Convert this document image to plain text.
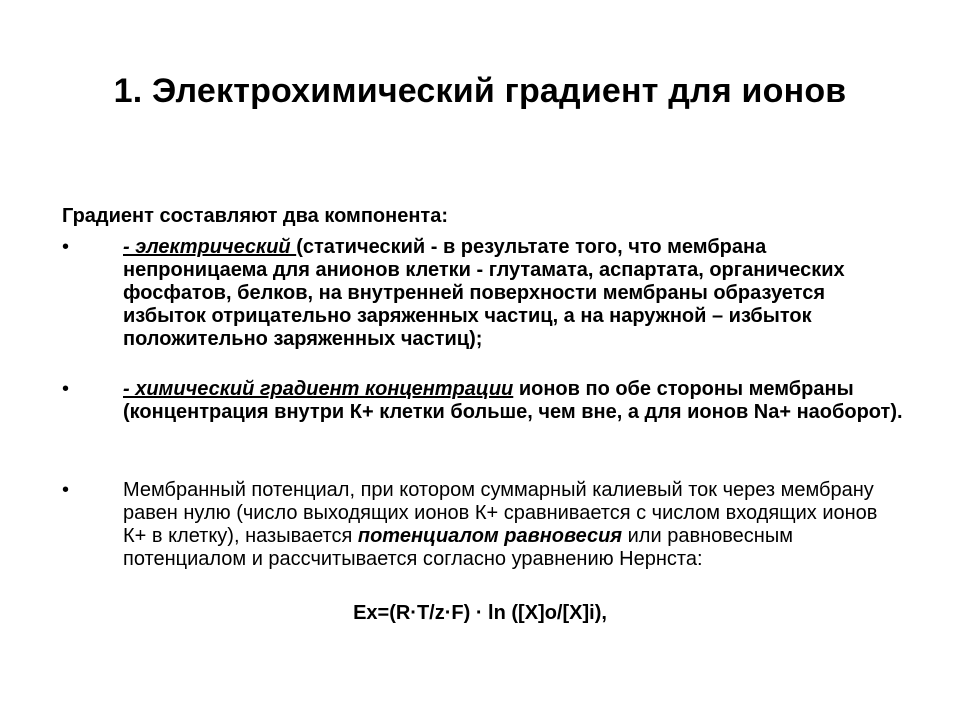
1. Электрохимический градиент для ионов
Градиент составляют два компонента:
•	- электрический (статический - в результате того, что мембрана непроницаема для анионов клетки - глутамата, аспартата, органических фосфатов, белков, на внутренней поверхности мембраны образуется избыток отрицательно заряженных частиц, а на наружной – избыток положительно заряженных частиц);
•	- химический градиент концентрации ионов по обе стороны мембраны (концентрация внутри К+ клетки больше, чем вне, а для ионов Na+ наоборот).
•	Мембранный потенциал, при котором суммарный калиевый ток через мембрану равен нулю (число выходящих ионов К+ сравнивается с числом входящих ионов К+ в клетку), называется потенциалом равновесия или равновесным потенциалом и рассчитывается согласно уравнению Нернста:
Ex=(R·T/z·F) · ln ([X]o/[X]i),
